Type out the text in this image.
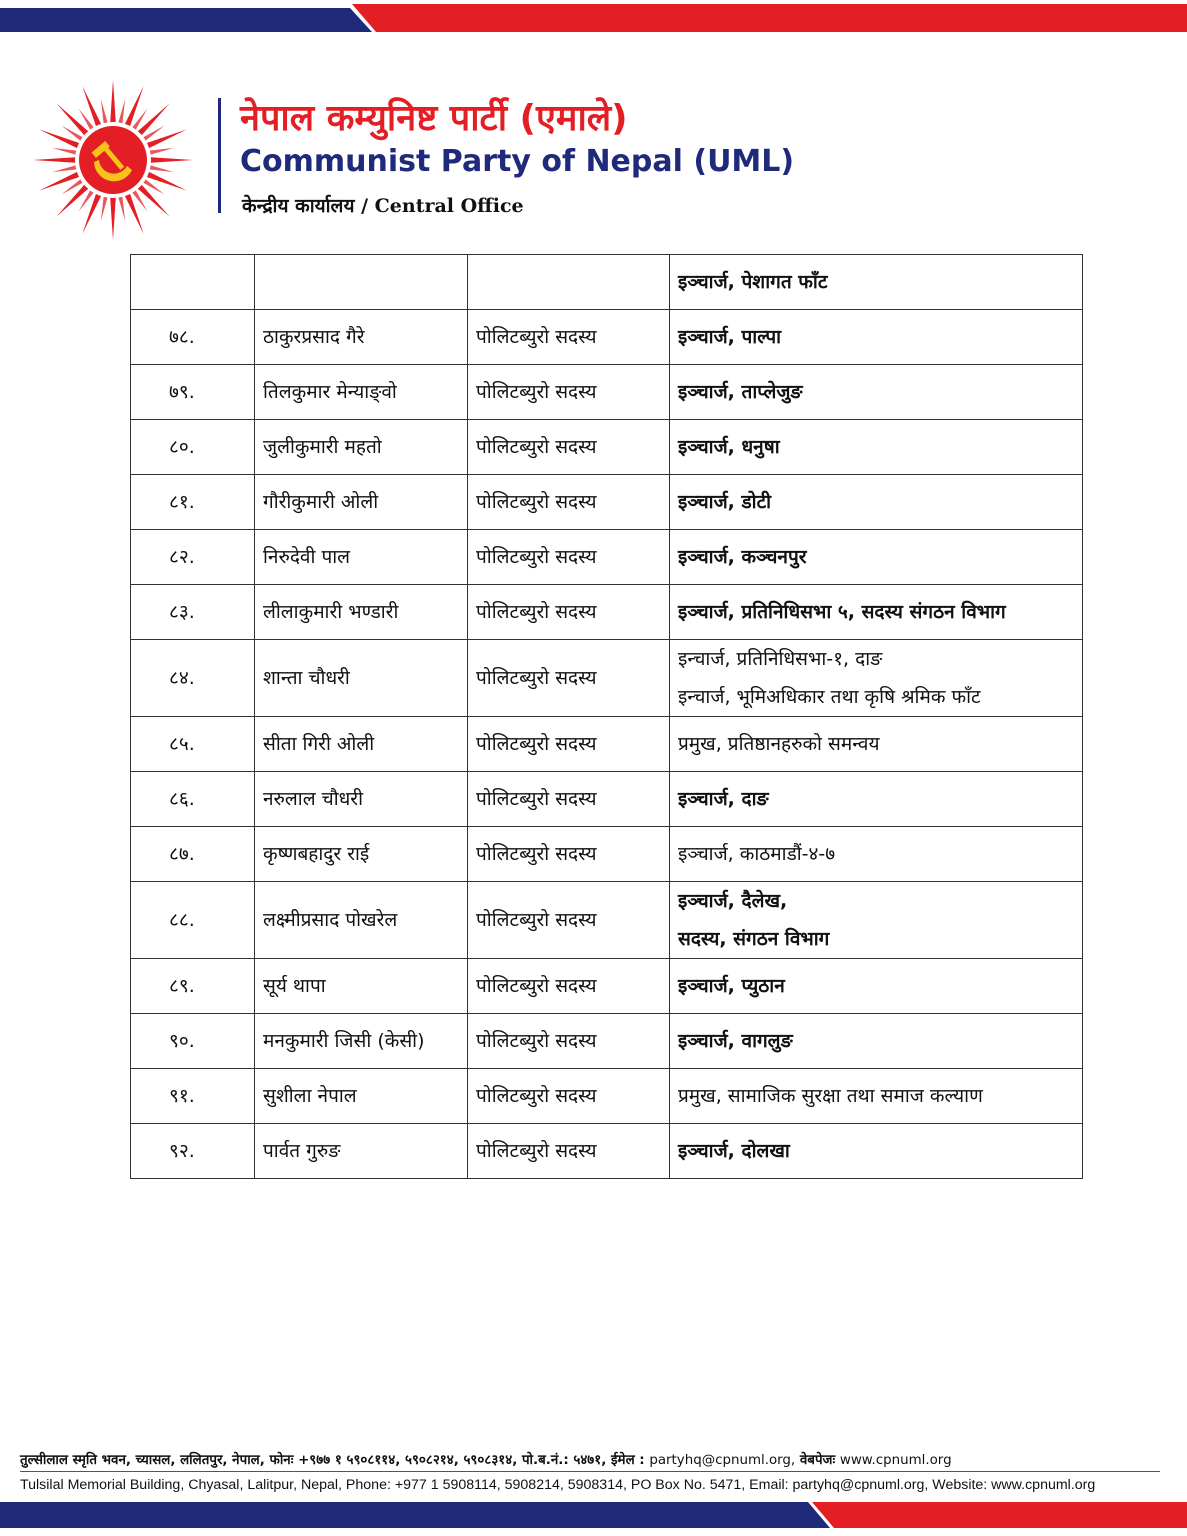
नेपाल कम्युनिष्ट पार्टी (एमाले)
Communist Party of Nepal (UML)
केन्द्रीय कार्यालय / Central Office

			इञ्चार्ज, पेशागत फाँट

७८.	ठाकुरप्रसाद गैरे	पोलिटब्युरो सदस्य	इञ्चार्ज, पाल्पा

७९.	तिलकुमार मेन्याङ्वो	पोलिटब्युरो सदस्य	इञ्चार्ज, ताप्लेजुङ

८०.	जुलीकुमारी महतो	पोलिटब्युरो सदस्य	इञ्चार्ज, धनुषा

८१.	गौरीकुमारी ओली	पोलिटब्युरो सदस्य	इञ्चार्ज, डोटी

८२.	निरुदेवी पाल	पोलिटब्युरो सदस्य	इञ्चार्ज, कञ्चनपुर

८३.	लीलाकुमारी भण्डारी	पोलिटब्युरो सदस्य	इञ्चार्ज, प्रतिनिधिसभा ५, सदस्य संगठन विभाग

८४.	शान्ता चौधरी	पोलिटब्युरो सदस्य	इन्चार्ज, प्रतिनिधिसभा-१, दाङ
इन्चार्ज, भूमिअधिकार तथा कृषि श्रमिक फाँट

८५.	सीता गिरी ओली	पोलिटब्युरो सदस्य	प्रमुख, प्रतिष्ठानहरुको समन्वय

८६.	नरुलाल चौधरी	पोलिटब्युरो सदस्य	इञ्चार्ज, दाङ

८७.	कृष्णबहादुर राई	पोलिटब्युरो सदस्य	इञ्चार्ज, काठमाडौं-४-७

८८.	लक्ष्मीप्रसाद पोखरेल	पोलिटब्युरो सदस्य	इञ्चार्ज, दैलेख,
सदस्य, संगठन विभाग

८९.	सूर्य थापा	पोलिटब्युरो सदस्य	इञ्चार्ज, प्युठान

९०.	मनकुमारी जिसी (केसी)	पोलिटब्युरो सदस्य	इञ्चार्ज, वागलुङ

९१.	सुशीला नेपाल	पोलिटब्युरो सदस्य	प्रमुख, सामाजिक सुरक्षा तथा समाज कल्याण

९२.	पार्वत गुरुङ	पोलिटब्युरो सदस्य	इञ्चार्ज, दोलखा
तुल्सीलाल स्मृति भवन, च्यासल, ललितपुर, नेपाल, फोनः +९७७ १ ५९०८११४, ५९०८२१४, ५९०८३१४, पो.ब.नं.: ५४७१, ईमेल : partyhq@cpnuml.org, वेबपेजः www.cpnuml.org
Tulsilal Memorial Building, Chyasal, Lalitpur, Nepal, Phone: +977 1 5908114, 5908214, 5908314, PO Box No. 5471, Email: partyhq@cpnuml.org, Website: www.cpnuml.org
